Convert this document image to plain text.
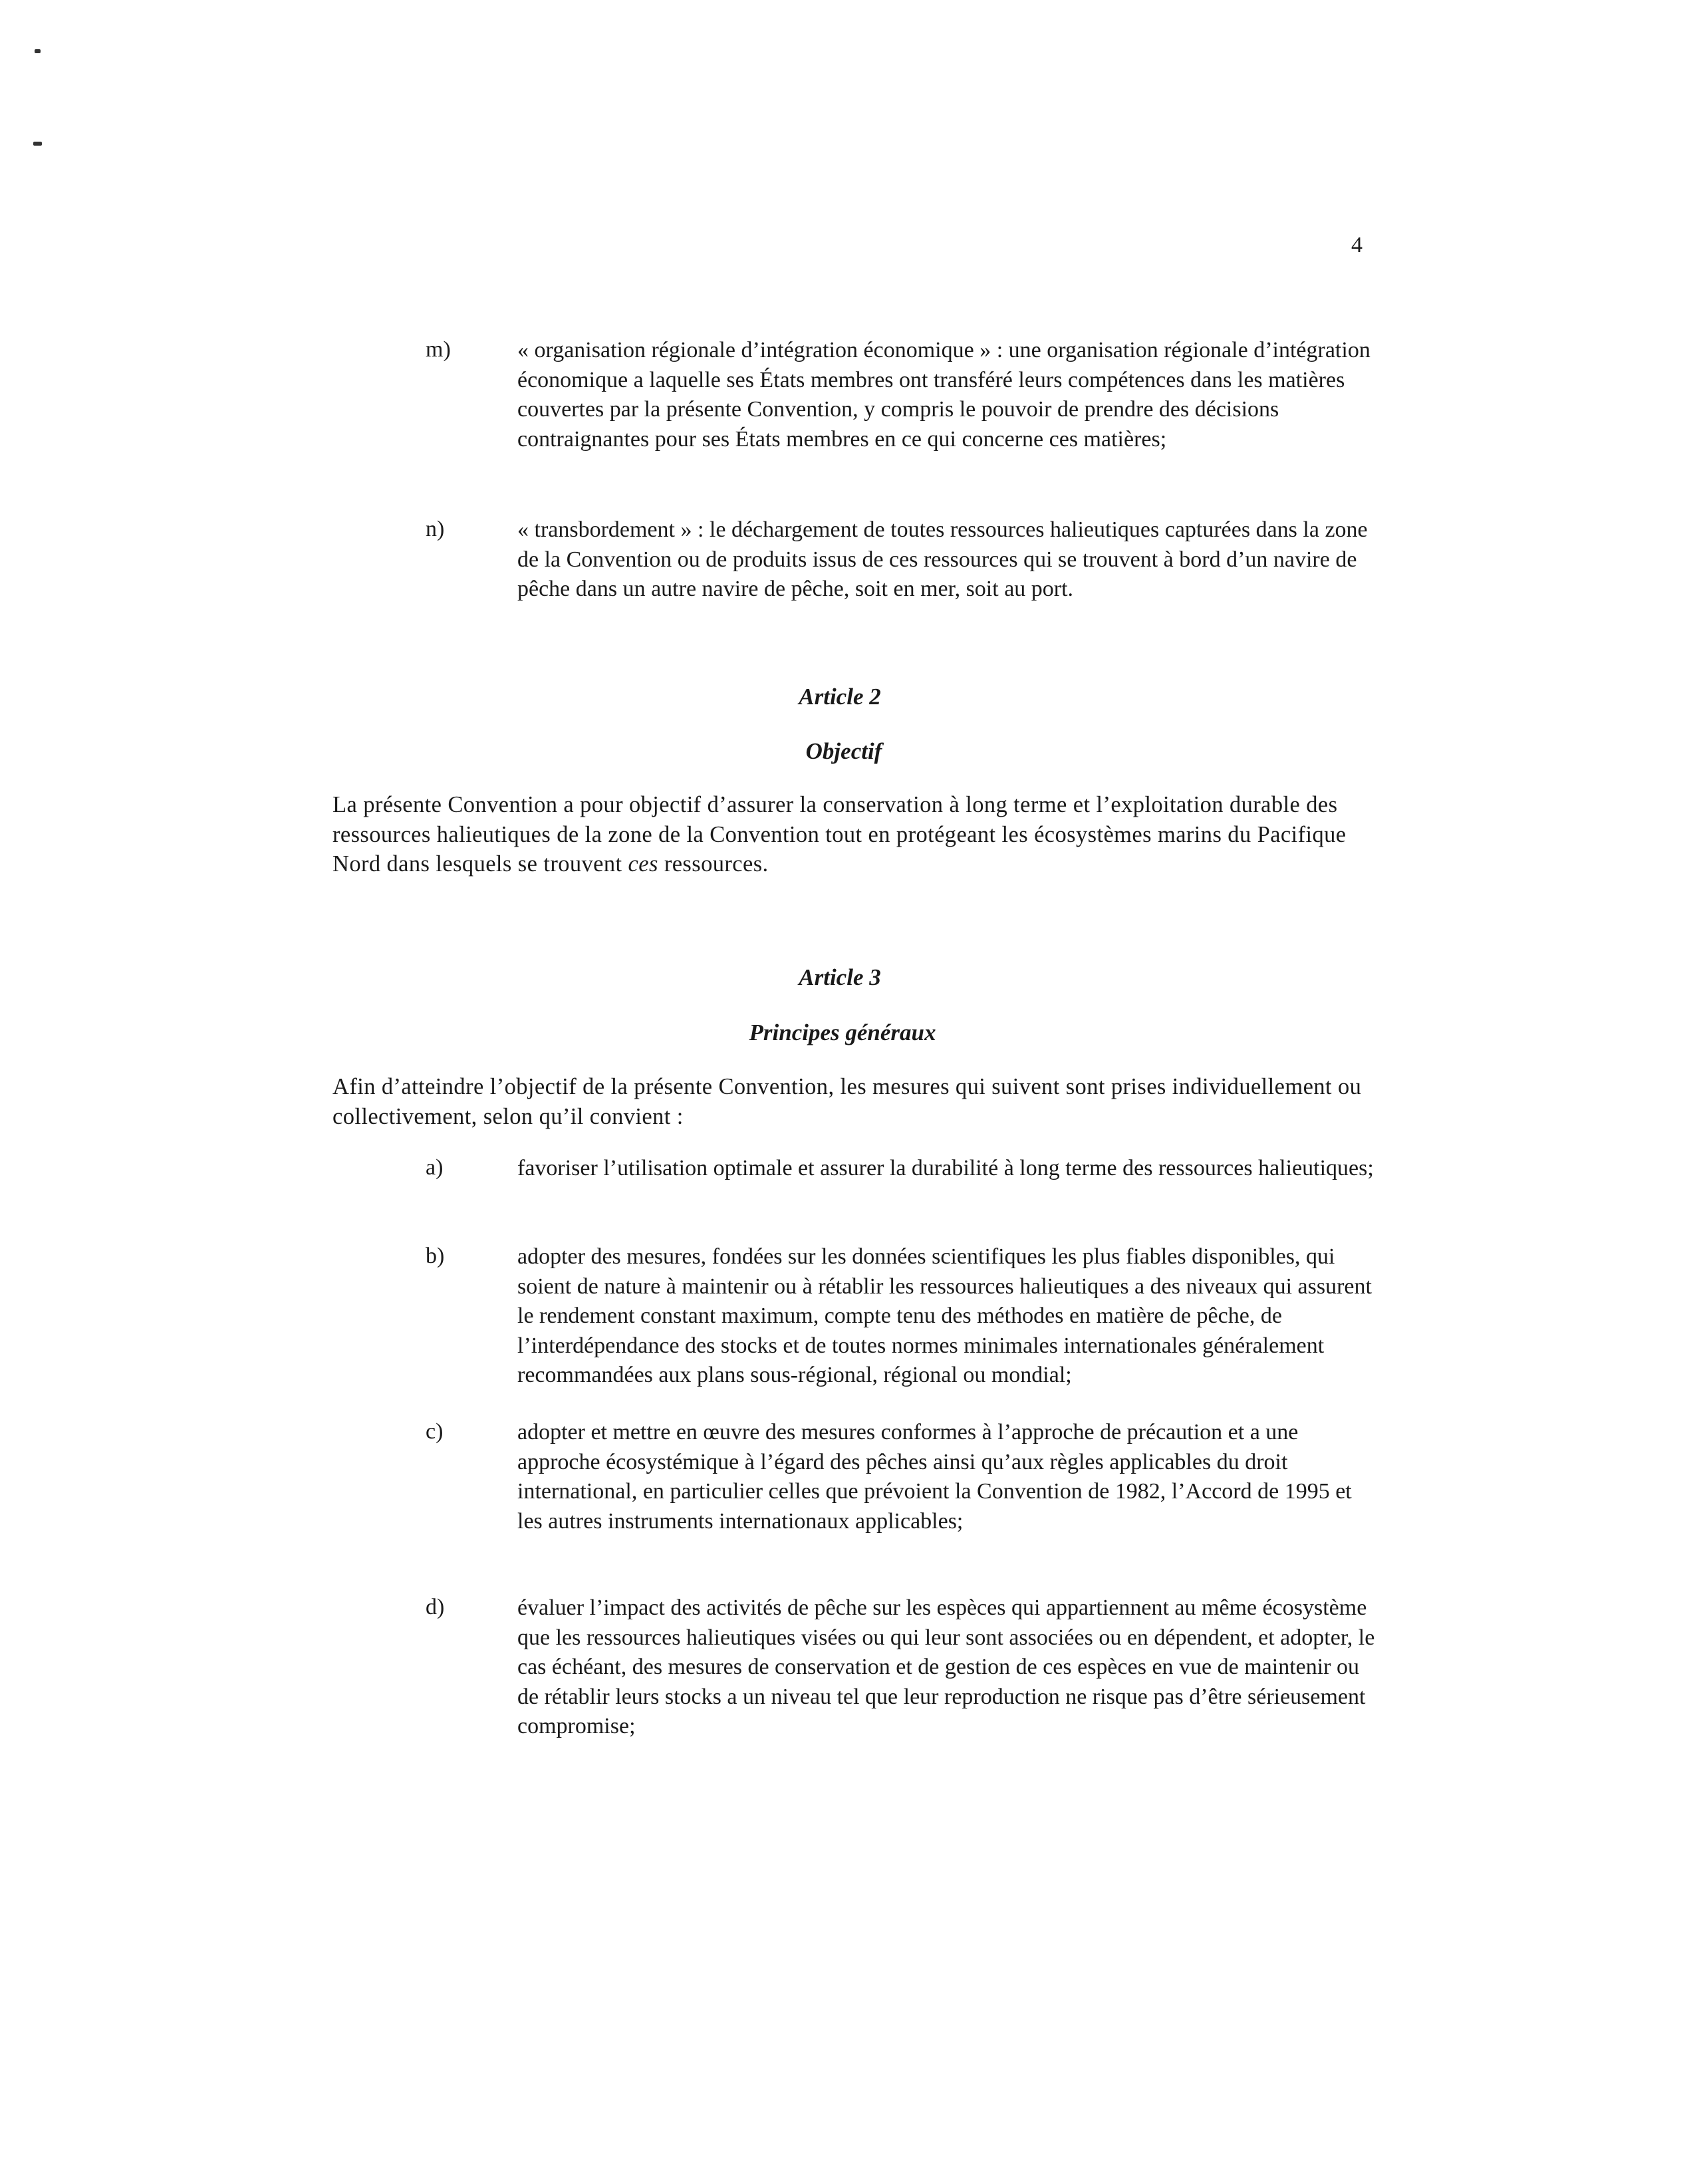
4
m)	« organisation régionale d’intégration économique » : une organisation régionale d’intégration économique a laquelle ses États membres ont transféré leurs compétences dans les matières couvertes par la présente Convention, y compris le pouvoir de prendre des décisions contraignantes pour ses États membres en ce qui concerne ces matières;

n)	« transbordement » : le déchargement de toutes ressources halieutiques capturées dans la zone de la Convention ou de produits issus de ces ressources qui se trouvent à bord d’un navire de pêche dans un autre navire de pêche, soit en mer, soit au port.

Article 2
Objectif

La présente Convention a pour objectif d’assurer la conservation à long terme et l’exploitation durable des ressources halieutiques de la zone de la Convention tout en protégeant les écosystèmes marins du Pacifique Nord dans lesquels se trouvent ces ressources.

Article 3
Principes généraux

Afin d’atteindre l’objectif de la présente Convention, les mesures qui suivent sont prises individuellement ou collectivement, selon qu’il convient :

a)	favoriser l’utilisation optimale et assurer la durabilité à long terme des ressources halieutiques;

b)	adopter des mesures, fondées sur les données scientifiques les plus fiables disponibles, qui soient de nature à maintenir ou à rétablir les ressources halieutiques a des niveaux qui assurent le rendement constant maximum, compte tenu des méthodes en matière de pêche, de l’interdépendance des stocks et de toutes normes minimales internationales généralement recommandées aux plans sous-régional, régional ou mondial;

c)	adopter et mettre en œuvre des mesures conformes à l’approche de précaution et a une approche écosystémique à l’égard des pêches ainsi qu’aux règles applicables du droit international, en particulier celles que prévoient la Convention de 1982, l’Accord de 1995 et les autres instruments internationaux applicables;

d)	évaluer l’impact des activités de pêche sur les espèces qui appartiennent au même écosystème que les ressources halieutiques visées ou qui leur sont associées ou en dépendent, et adopter, le cas échéant, des mesures de conservation et de gestion de ces espèces en vue de maintenir ou de rétablir leurs stocks a un niveau tel que leur reproduction ne risque pas d’être sérieusement compromise;
